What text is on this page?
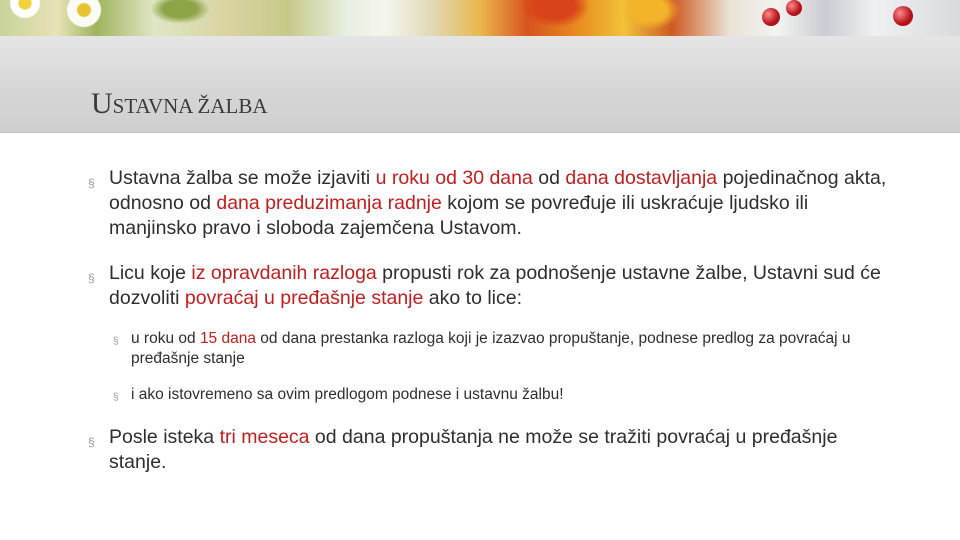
USTAVNA ŽALBA
§ Ustavna žalba se može izjaviti u roku od 30 dana od dana dostavljanja pojedinačnog akta, odnosno od dana preduzimanja radnje kojom se povređuje ili uskraćuje ljudsko ili manjinsko pravo i sloboda zajemčena Ustavom.
§ Licu koje iz opravdanih razloga propusti rok za podnošenje ustavne žalbe, Ustavni sud će dozvoliti povraćaj u pređašnje stanje ako to lice:
§ u roku od 15 dana od dana prestanka razloga koji je izazvao propuštanje, podnese predlog za povraćaj u pređašnje stanje
§ i ako istovremeno sa ovim predlogom podnese i ustavnu žalbu!
§ Posle isteka tri meseca od dana propuštanja ne može se tražiti povraćaj u pređašnje stanje.
